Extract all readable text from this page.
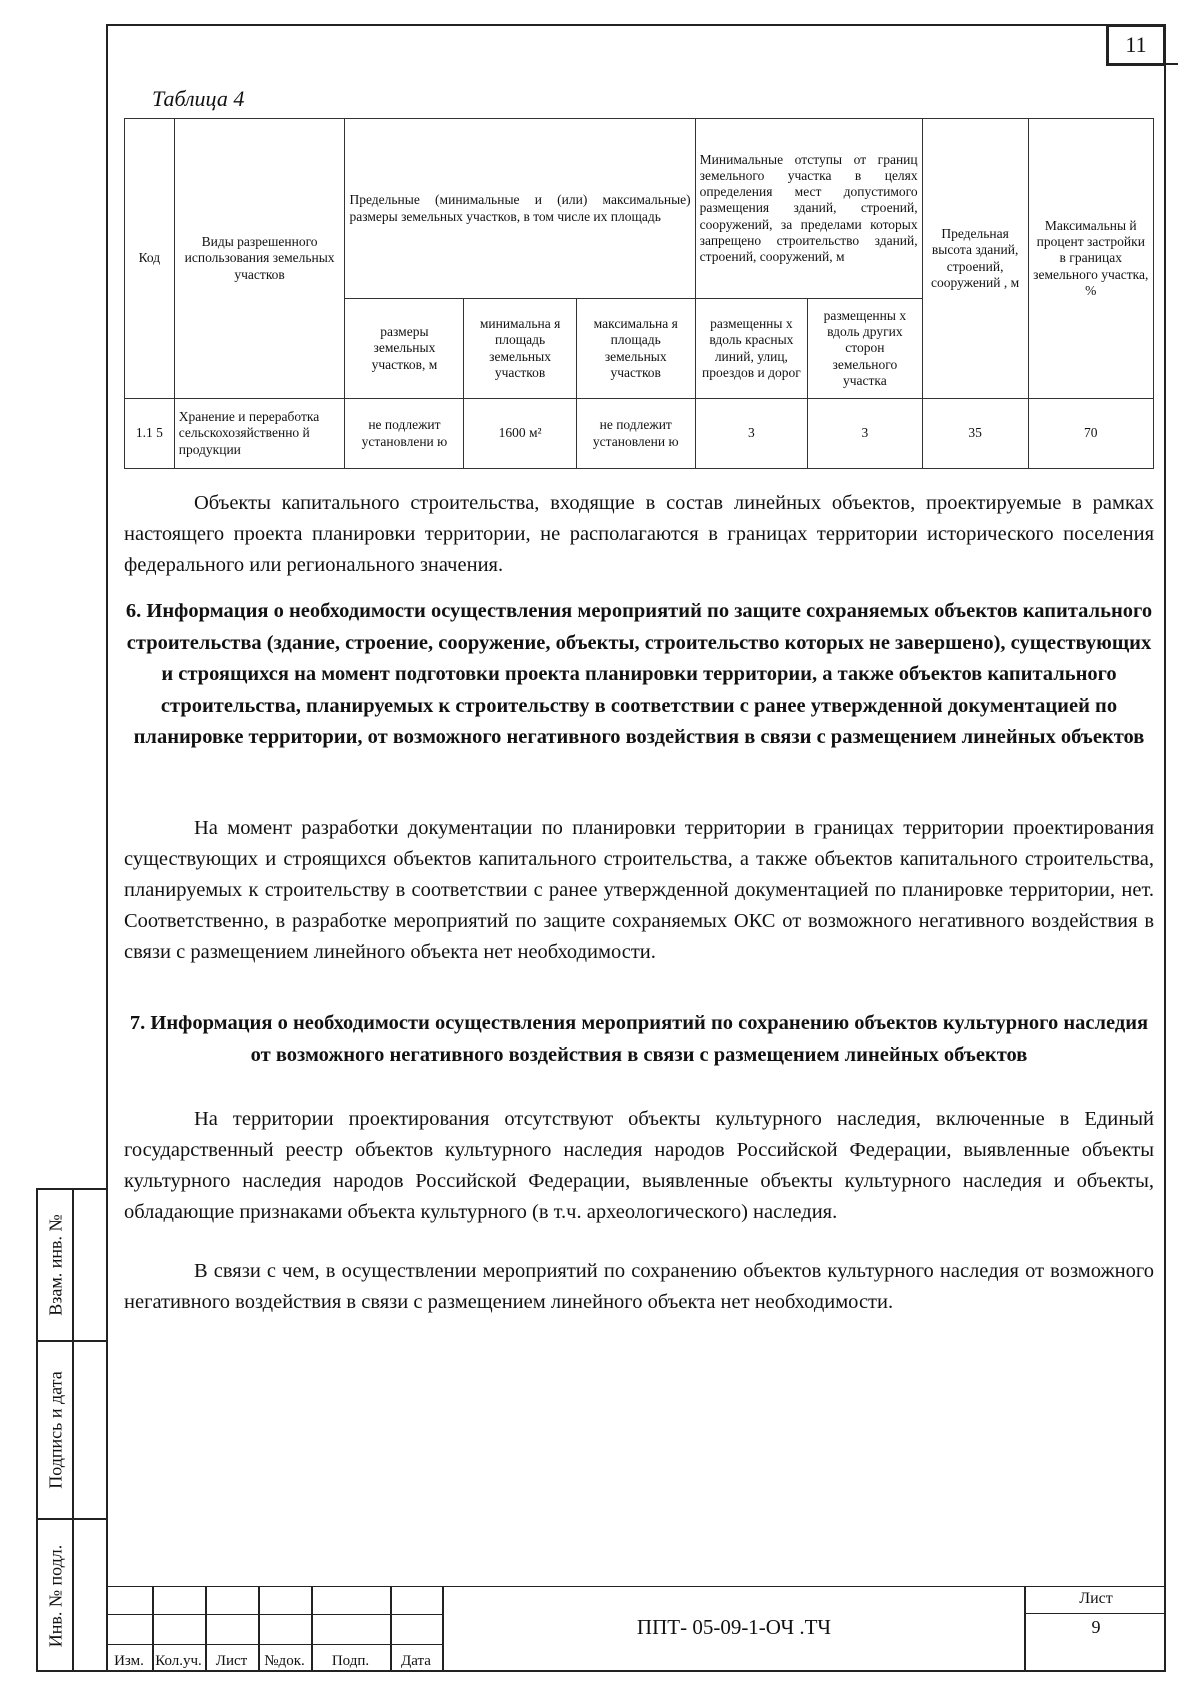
11
Взам. инв. №
Подпись и дата
Инв. № подл.
Таблица 4
Код	Виды разрешенного использования земельных участков	Предельные (минимальные и (или) максимальные) размеры земельных участков, в том числе их площадь			Минимальные отступы от границ земельного участка в целях определения мест допустимого размещения зданий, строений, сооружений, за пределами которых запрещено строительство зданий, строений, сооружений, м		Предельная высота зданий, строений, сооружений , м	Максимальны й процент застройки в границах земельного участка, %
		размеры земельных участков, м	минимальна я площадь земельных участков	максимальна я площадь земельных участков	размещенны х вдоль красных линий, улиц, проездов и дорог	размещенны х вдоль других сторон земельного участка		
1.1 5	Хранение и переработка сельскохозяйственно й продукции	не подлежит установлени ю	1600 м²	не подлежит установлени ю	3	3	35	70
Объекты капитального строительства, входящие в состав линейных объектов, проектируемые в рамках настоящего проекта планировки территории, не располагаются в границах территории исторического поселения федерального или регионального значения.
6. Информация о необходимости осуществления мероприятий по защите сохраняемых объектов капитального строительства (здание, строение, сооружение, объекты, строительство которых не завершено), существующих и строящихся на момент подготовки проекта планировки территории, а также объектов капитального строительства, планируемых к строительству в соответствии с ранее утвержденной документацией по планировке территории, от возможного негативного воздействия в связи с размещением линейных объектов
На момент разработки документации по планировки территории в границах территории проектирования существующих и строящихся объектов капитального строительства, а также объектов капитального строительства, планируемых к строительству в соответствии с ранее утвержденной документацией по планировке территории, нет. Соответственно, в разработке мероприятий по защите сохраняемых ОКС от возможного негативного воздействия в связи с размещением линейного объекта нет необходимости.
7. Информация о необходимости осуществления мероприятий по сохранению объектов культурного наследия от возможного негативного воздействия в связи с размещением линейных объектов
На территории проектирования отсутствуют объекты культурного наследия, включенные в Единый государственный реестр объектов культурного наследия народов Российской Федерации, выявленные объекты культурного наследия народов Российской Федерации, выявленные объекты культурного наследия и объекты, обладающие признаками объекта культурного (в т.ч. археологического) наследия.
В связи с чем, в осуществлении мероприятий по сохранению объектов культурного наследия от возможного негативного воздействия в связи с размещением линейного объекта нет необходимости.
Изм. Кол.уч. Лист	№док.	Подп.	Дата
ППТ- 05-09-1-ОЧ .ТЧ
Лист
9
